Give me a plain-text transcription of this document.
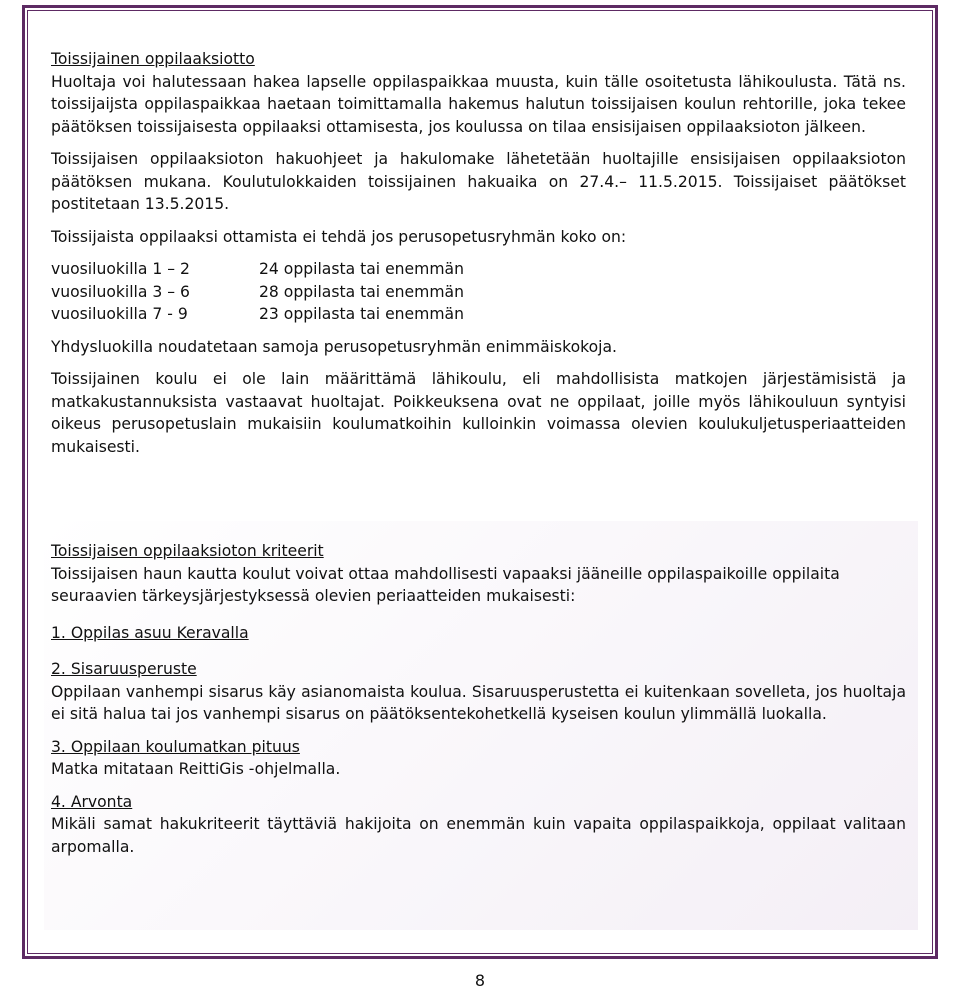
Toissijainen oppilaaksiotto

Huoltaja voi halutessaan hakea lapselle oppilaspaikkaa muusta, kuin tälle osoitetusta lähikoulusta. Tätä ns. toissijaijsta oppilaspaikkaa haetaan toimittamalla hakemus halutun toissijaisen koulun rehtorille, joka tekee päätöksen toissijaisesta oppilaaksi ottamisesta, jos koulussa on tilaa ensisijaisen oppilaaksioton jälkeen.

Toissijaisen oppilaaksioton hakuohjeet ja hakulomake lähetetään huoltajille ensisijaisen oppilaaksioton päätöksen mukana. Koulutulokkaiden toissijainen hakuaika on 27.4.– 11.5.2015. Toissijaiset päätökset postitetaan 13.5.2015.

Toissijaista oppilaaksi ottamista ei tehdä jos perusopetusryhmän koko on:

vuosiluokilla 1 – 2	24 oppilasta tai enemmän
vuosiluokilla 3 – 6	28 oppilasta tai enemmän
vuosiluokilla 7 - 9	23 oppilasta tai enemmän

Yhdysluokilla noudatetaan samoja perusopetusryhmän enimmäiskokoja.

Toissijainen koulu ei ole lain määrittämä lähikoulu, eli mahdollisista matkojen järjestämisistä ja matkakustannuksista vastaavat huoltajat. Poikkeuksena ovat ne oppilaat, joille myös lähikouluun syntyisi oikeus perusopetuslain mukaisiin koulumatkoihin kulloinkin voimassa olevien koulukuljetusperiaatteiden mukaisesti.

Toissijaisen oppilaaksioton kriteerit

Toissijaisen haun kautta koulut voivat ottaa mahdollisesti vapaaksi jääneille oppilaspaikoille oppilaita seuraavien tärkeysjärjestyksessä olevien periaatteiden mukaisesti:

1. Oppilas asuu Keravalla

2. Sisaruusperuste

Oppilaan vanhempi sisarus käy asianomaista koulua. Sisaruusperustetta ei kuitenkaan sovelleta, jos huoltaja ei sitä halua tai jos vanhempi sisarus on päätöksentekohetkellä kyseisen koulun ylimmällä luokalla.

3. Oppilaan koulumatkan pituus

Matka mitataan ReittiGis -ohjelmalla.

4. Arvonta

Mikäli samat hakukriteerit täyttäviä hakijoita on enemmän kuin vapaita oppilaspaikkoja, oppilaat valitaan arpomalla.

8
